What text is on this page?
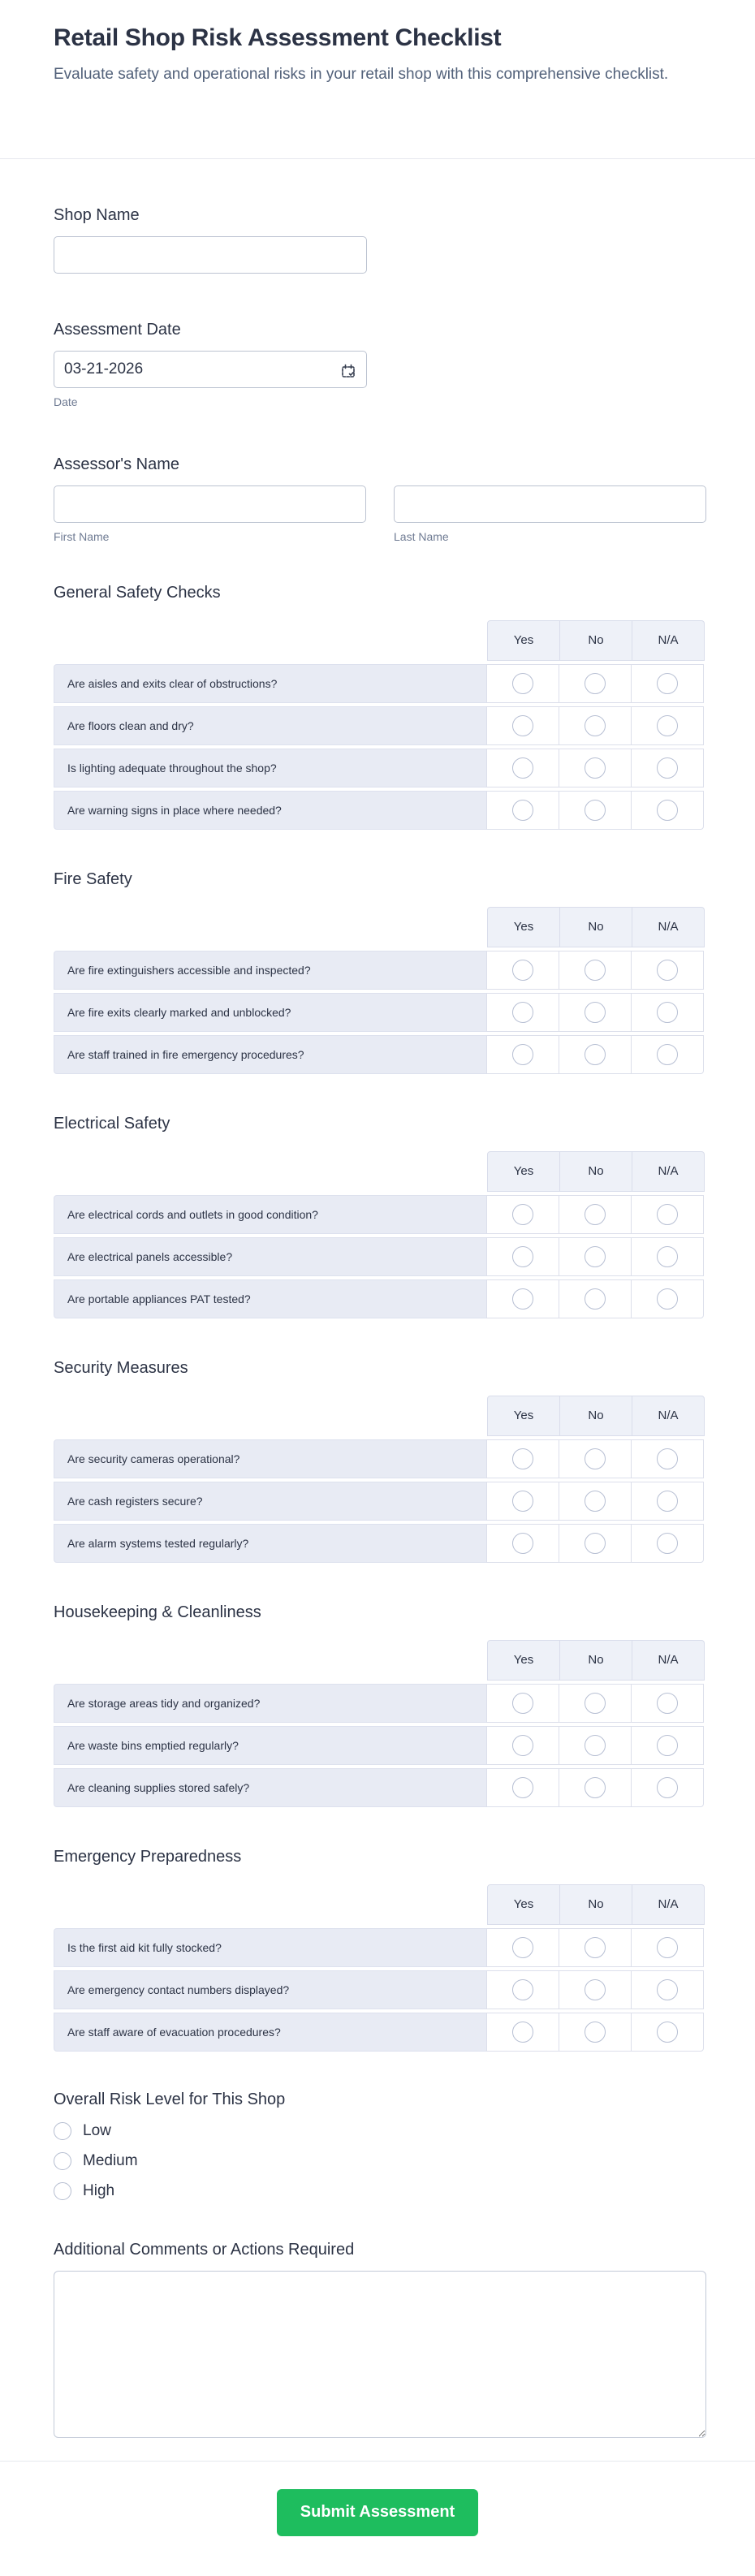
Retail Shop Risk Assessment Checklist

Evaluate safety and operational risks in your retail shop with this comprehensive checklist.

Shop Name
Assessment Date
03-21-2026
Date
Assessor's Name
First Name	Last Name
General Safety Checks
Yes	No	N/A
Are aisles and exits clear of obstructions?
Are floors clean and dry?
Is lighting adequate throughout the shop?
Are warning signs in place where needed?
Fire Safety
Yes	No	N/A
Are fire extinguishers accessible and inspected?
Are fire exits clearly marked and unblocked?
Are staff trained in fire emergency procedures?
Electrical Safety
Yes	No	N/A
Are electrical cords and outlets in good condition?
Are electrical panels accessible?
Are portable appliances PAT tested?
Security Measures
Yes	No	N/A
Are security cameras operational?
Are cash registers secure?
Are alarm systems tested regularly?
Housekeeping & Cleanliness
Yes	No	N/A
Are storage areas tidy and organized?
Are waste bins emptied regularly?
Are cleaning supplies stored safely?
Emergency Preparedness
Yes	No	N/A
Is the first aid kit fully stocked?
Are emergency contact numbers displayed?
Are staff aware of evacuation procedures?
Overall Risk Level for This Shop
Low
Medium
High
Additional Comments or Actions Required
Submit Assessment
